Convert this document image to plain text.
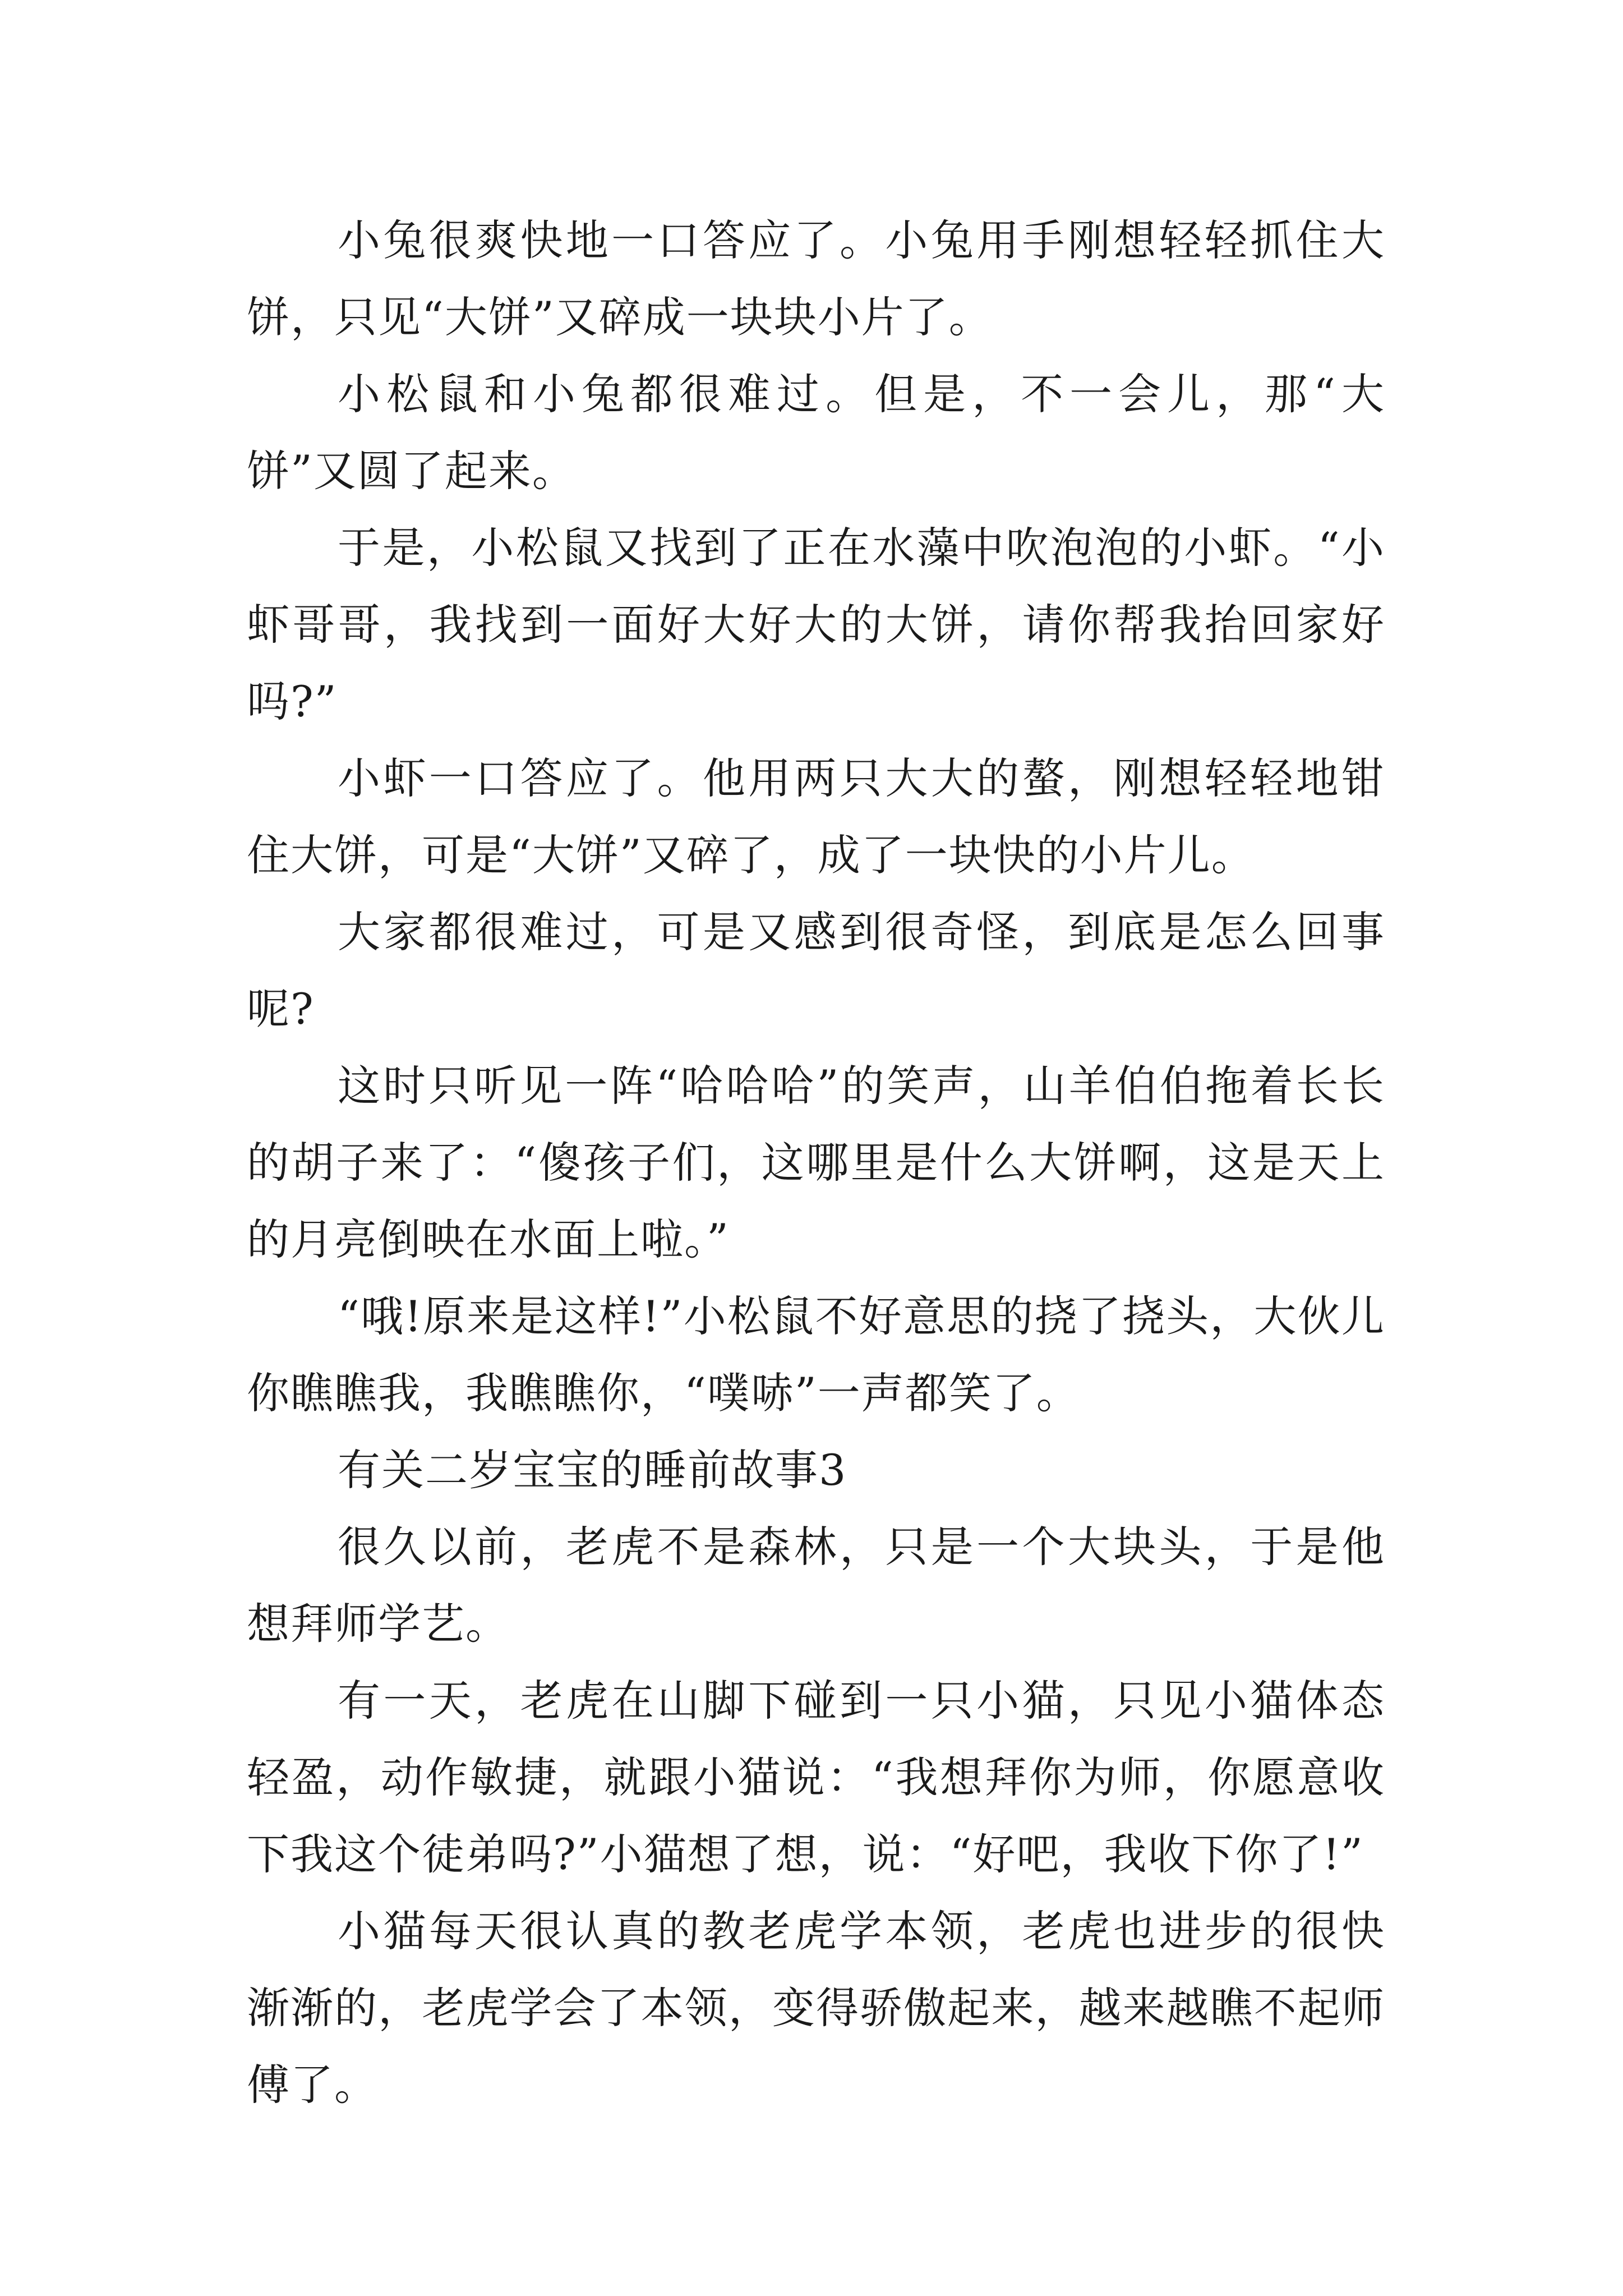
小兔很爽快地一口答应了。小兔用手刚想轻轻抓住大饼，只见“大饼”又碎成一块块小片了。

小松鼠和小兔都很难过。但是，不一会儿，那“大饼”又圆了起来。

于是，小松鼠又找到了正在水藻中吹泡泡的小虾。“小虾哥哥，我找到一面好大好大的大饼，请你帮我抬回家好吗?”

小虾一口答应了。他用两只大大的螯，刚想轻轻地钳住大饼，可是“大饼”又碎了，成了一块快的小片儿。

大家都很难过，可是又感到很奇怪，到底是怎么回事呢?

这时只听见一阵“哈哈哈”的笑声，山羊伯伯拖着长长的胡子来了：“傻孩子们，这哪里是什么大饼啊，这是天上的月亮倒映在水面上啦。”

“哦!原来是这样!”小松鼠不好意思的挠了挠头，大伙儿你瞧瞧我，我瞧瞧你，“噗哧”一声都笑了。

有关二岁宝宝的睡前故事3

很久以前，老虎不是森林，只是一个大块头，于是他想拜师学艺。

有一天，老虎在山脚下碰到一只小猫，只见小猫体态轻盈，动作敏捷，就跟小猫说：“我想拜你为师，你愿意收下我这个徒弟吗?”小猫想了想，说：“好吧，我收下你了!”

小猫每天很认真的教老虎学本领，老虎也进步的很快渐渐的，老虎学会了本领，变得骄傲起来，越来越瞧不起师傅了。
